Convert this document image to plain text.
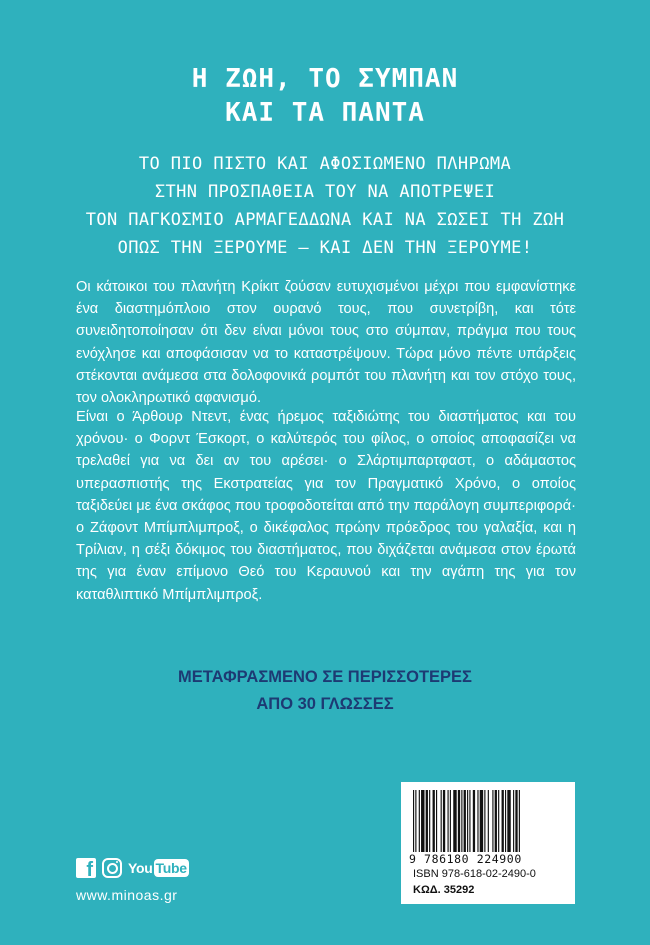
Η ΖΩΗ, ΤΟ ΣΥΜΠΑΝ
ΚΑΙ ΤΑ ΠΑΝΤΑ
ΤΟ ΠΙΟ ΠΙΣΤΟ ΚΑΙ ΑΦΟΣΙΩΜΕΝΟ ΠΛΗΡΩΜΑ
ΣΤΗΝ ΠΡΟΣΠΑΘΕΙΑ ΤΟΥ ΝΑ ΑΠΟΤΡΕΨΕΙ
ΤΟΝ ΠΑΓΚΟΣΜΙΟ ΑΡΜΑΓΕΔΔΩΝΑ ΚΑΙ ΝΑ ΣΩΣΕΙ ΤΗ ΖΩΗ
ΟΠΩΣ ΤΗΝ ΞΕΡΟΥΜΕ – ΚΑΙ ΔΕΝ ΤΗΝ ΞΕΡΟΥΜΕ!

Οι κάτοικοι του πλανήτη Κρίκιτ ζούσαν ευτυχισμένοι μέχρι που εμφανίστηκε ένα διαστημόπλοιο στον ουρανό τους, που συνετρίβη, και τότε συνειδητοποίησαν ότι δεν είναι μόνοι τους στο σύμπαν, πράγμα που τους ενόχλησε και αποφάσισαν να το καταστρέψουν. Τώρα μόνο πέντε υπάρξεις στέκονται ανάμεσα στα δολοφονικά ρομπότ του πλανήτη και τον στόχο τους, τον ολοκληρωτικό αφανισμό.

Είναι ο Άρθουρ Ντεντ, ένας ήρεμος ταξιδιώτης του διαστήματος και του χρόνου· ο Φορντ Έσκορτ, ο καλύτερός του φίλος, ο οποίος αποφασίζει να τρελαθεί για να δει αν του αρέσει· ο Σλάρτιμπαρτφαστ, ο αδάμαστος υπερασπιστής της Εκστρατείας για τον Πραγματικό Χρόνο, ο οποίος ταξιδεύει με ένα σκάφος που τροφοδοτείται από την παράλογη συμπεριφορά· ο Ζάφοντ Μπίμπλιμπροξ, ο δικέφαλος πρώην πρόεδρος του γαλαξία, και η Τρίλιαν, η σέξι δόκιμος του διαστήματος, που διχάζεται ανάμεσα στον έρωτά της για έναν επίμονο Θεό του Κεραυνού και την αγάπη της για τον καταθλιπτικό Μπίμπλιμπροξ.

ΜΕΤΑΦΡΑΣΜΕΝΟ ΣΕ ΠΕΡΙΣΣΟΤΕΡΕΣ
ΑΠΟ 30 ΓΛΩΣΣΕΣ
9 786180 224900
ISBN 978-618-02-2490-0
ΚΩΔ. 35292
f	You Tube
www.minoas.gr
